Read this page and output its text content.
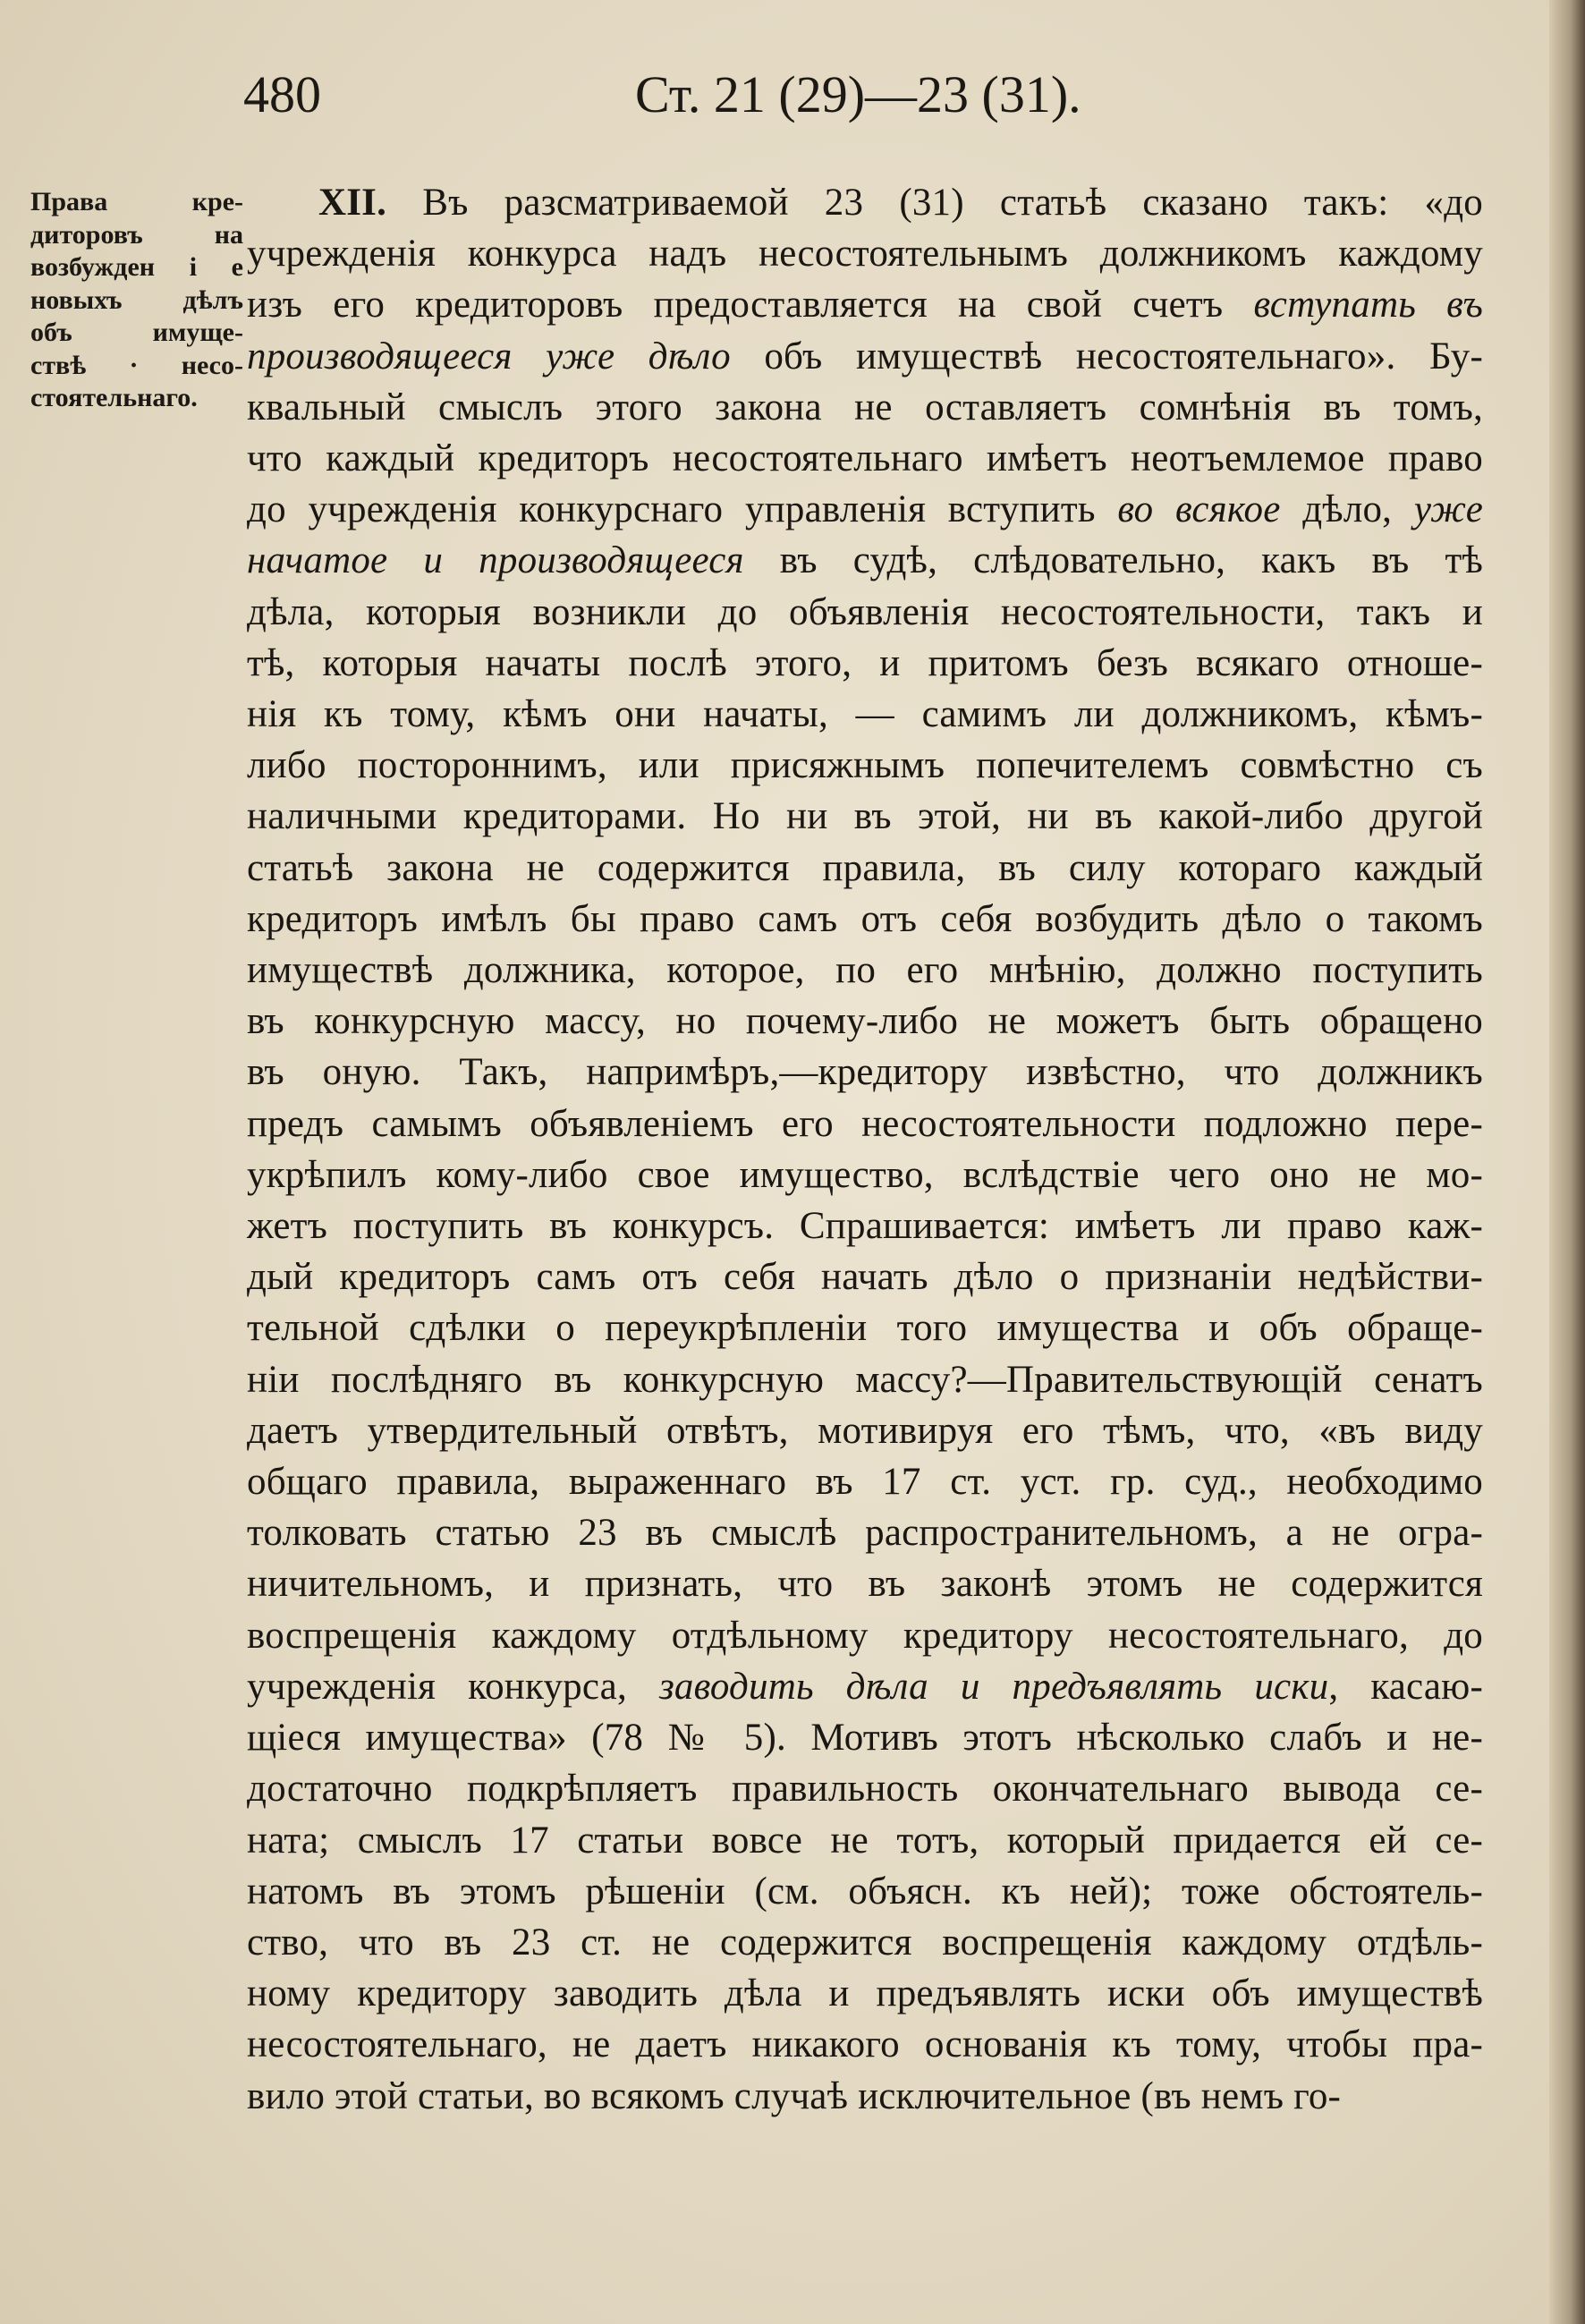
480	Ст. 21 (29)—23 (31).
Права кре-
диторовъ на
возбужден і е
новыхъ дѣлъ
объ имуще-
ствѣ · несо-
стоятельнаго.
XII. Въ разсматриваемой 23 (31) статьѣ сказано такъ: «до
учрежденія конкурса надъ несостоятельнымъ должникомъ каждому
изъ его кредиторовъ предоставляется на свой счетъ вступать въ
производящееся уже дѣло объ имуществѣ несостоятельнаго». Бу-
квальный смыслъ этого закона не оставляетъ сомнѣнія въ томъ,
что каждый кредиторъ несостоятельнаго имѣетъ неотъемлемое право
до учрежденія конкурснаго управленія вступить во всякое дѣло, уже
начатое и производящееся въ судѣ, слѣдовательно, какъ въ тѣ
дѣла, которыя возникли до объявленія несостоятельности, такъ и
тѣ, которыя начаты послѣ этого, и притомъ безъ всякаго отноше-
нія къ тому, кѣмъ они начаты, — самимъ ли должникомъ, кѣмъ-
либо постороннимъ, или присяжнымъ попечителемъ совмѣстно съ
наличными кредиторами. Но ни въ этой, ни въ какой-либо другой
статьѣ закона не содержится правила, въ силу котораго каждый
кредиторъ имѣлъ бы право самъ отъ себя возбудить дѣло о такомъ
имуществѣ должника, которое, по его мнѣнію, должно поступить
въ конкурсную массу, но почему-либо не можетъ быть обращено
въ оную. Такъ, напримѣръ,—кредитору извѣстно, что должникъ
предъ самымъ объявленіемъ его несостоятельности подложно пере-
укрѣпилъ кому-либо свое имущество, вслѣдствіе чего оно не мо-
жетъ поступить въ конкурсъ. Спрашивается: имѣетъ ли право каж-
дый кредиторъ самъ отъ себя начать дѣло о признаніи недѣйстви-
тельной сдѣлки о переукрѣпленіи того имущества и объ обраще-
ніи послѣдняго въ конкурсную массу?—Правительствующій сенатъ
даетъ утвердительный отвѣтъ, мотивируя его тѣмъ, что, «въ виду
общаго правила, выраженнаго въ 17 ст. уст. гр. суд., необходимо
толковать статью 23 въ смыслѣ распространительномъ, а не огра-
ничительномъ, и признать, что въ законѣ этомъ не содержится
воспрещенія каждому отдѣльному кредитору несостоятельнаго, до
учрежденія конкурса, заводить дѣла и предъявлять иски, касаю-
щіеся имущества» (78 № 5). Мотивъ этотъ нѣсколько слабъ и не-
достаточно подкрѣпляетъ правильность окончательнаго вывода се-
ната; смыслъ 17 статьи вовсе не тотъ, который придается ей се-
натомъ въ этомъ рѣшеніи (см. объясн. къ ней); тоже обстоятель-
ство, что въ 23 ст. не содержится воспрещенія каждому отдѣль-
ному кредитору заводить дѣла и предъявлять иски объ имуществѣ
несостоятельнаго, не даетъ никакого основанія къ тому, чтобы пра-
вило этой статьи, во всякомъ случаѣ исключительное (въ немъ го-
